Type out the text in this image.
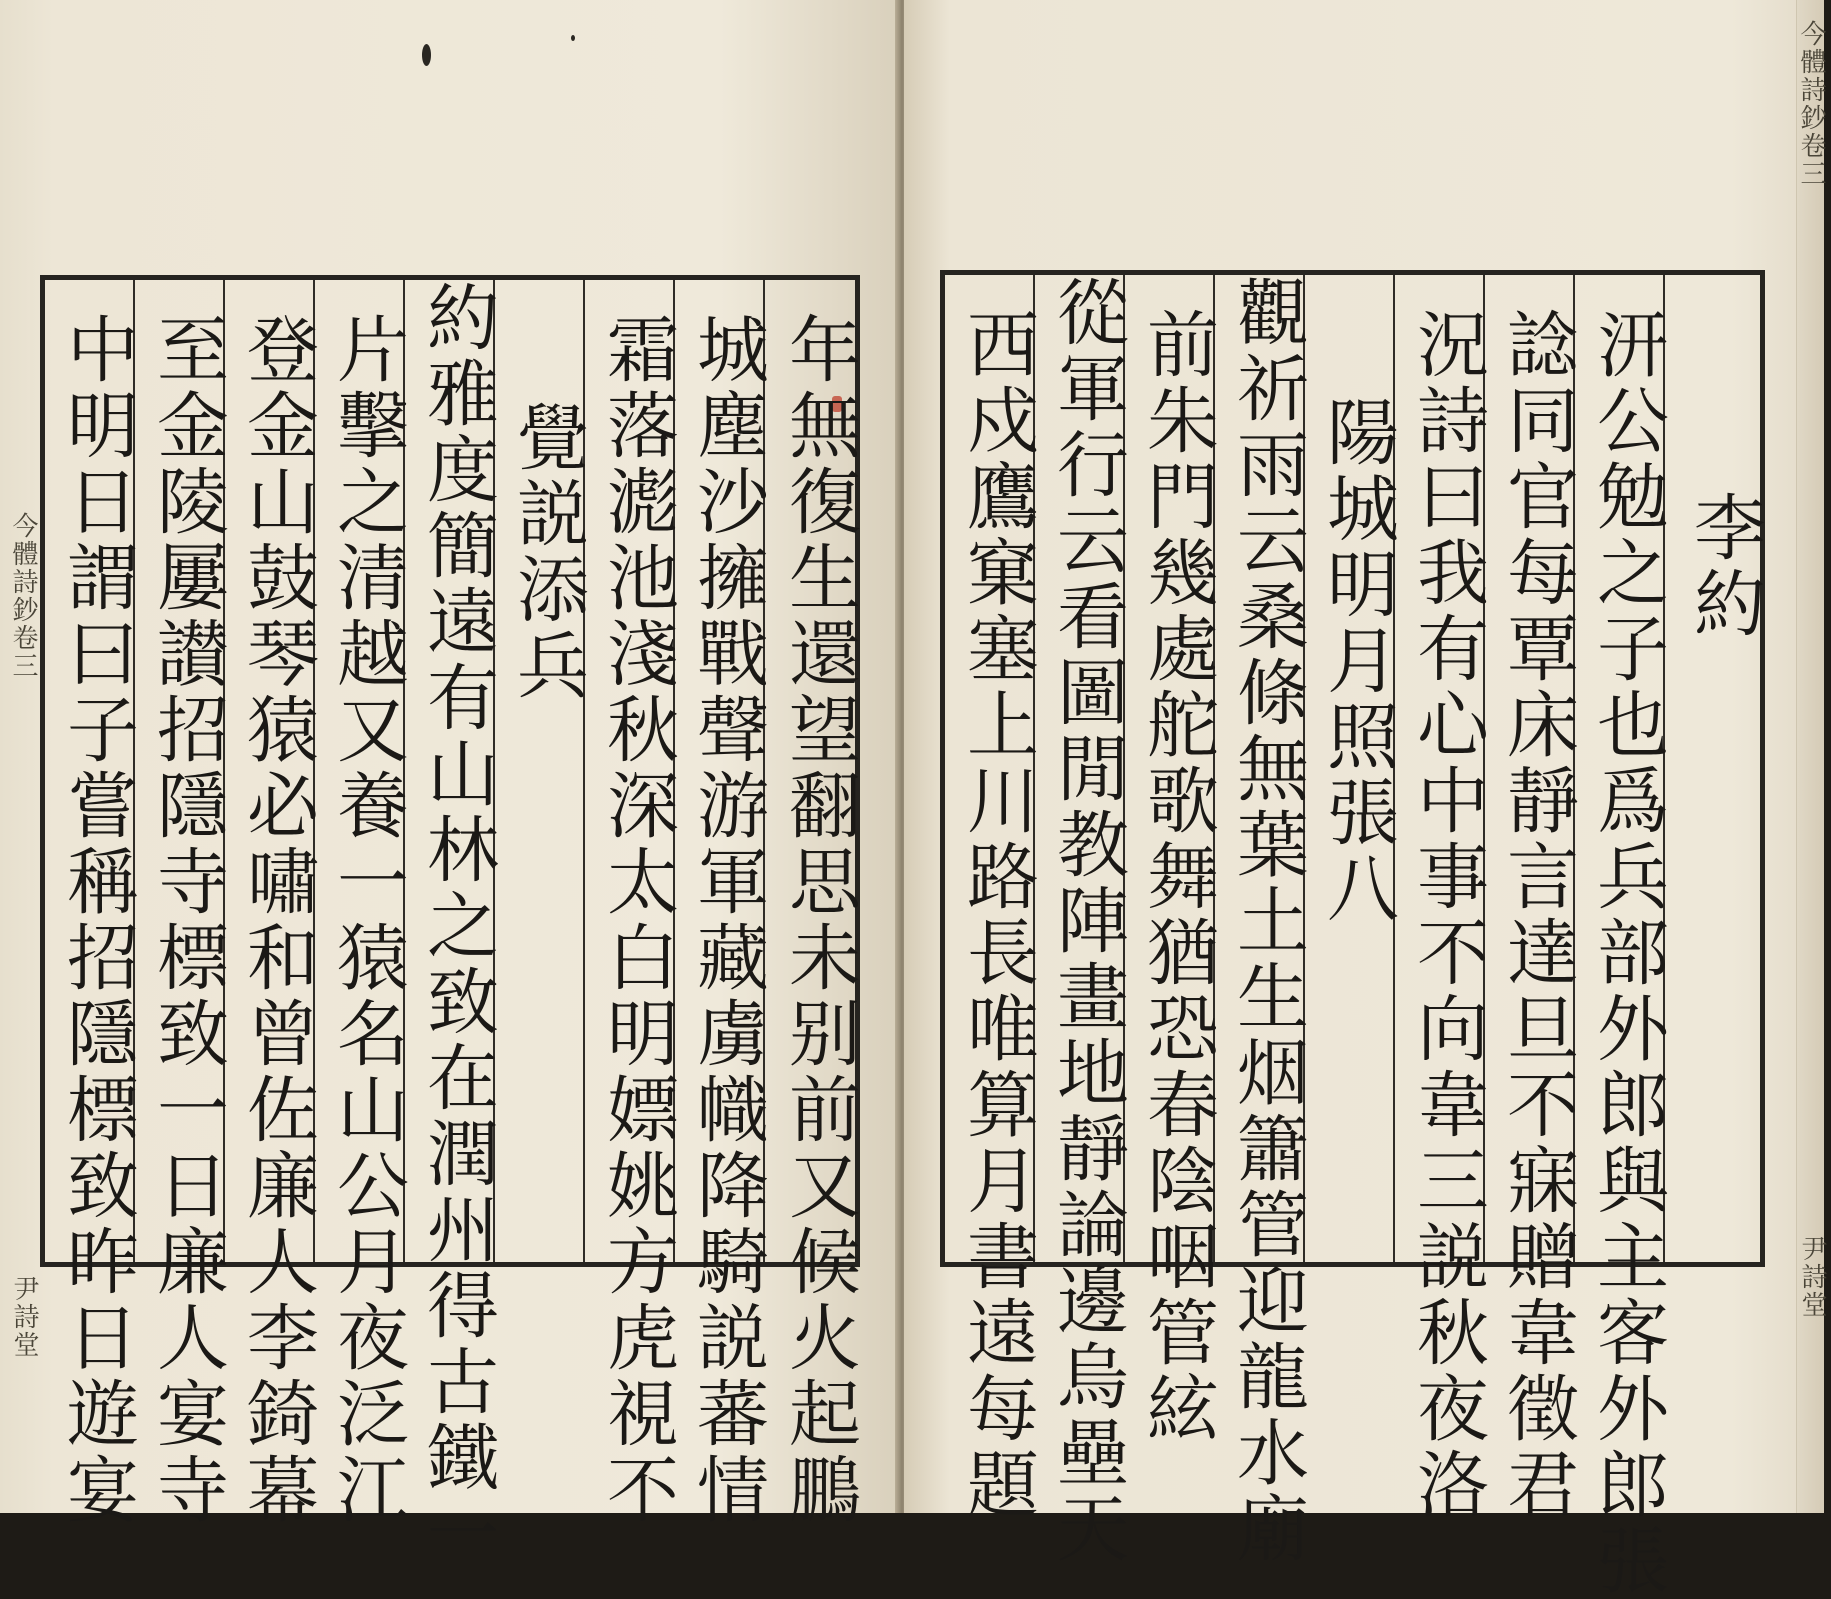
今體詩鈔卷三
尹詩堂 中明日謂曰子嘗稱招隱標致昨日遊宴 至金陵屢讃招隱寺標致一日廉人宴寺 登金山鼓琴猿必嘯和曾佐廉人李錡幕 片擊之清越又養一猿名山公月夜泛江 約雅度簡遠有山林之致在潤州得古鐵一 覺説添兵 霜落滮池淺秋深太白明嫖姚方虎視不 城塵沙擁戰聲游軍藏虜幟降騎説蕃情 年無復生還望翻思未别前又候火起鵬 西戍鷹窠塞上川路長唯算月書遠每題 從軍行云看圖閒教陣畫地靜論邊烏壘天 前朱門幾處舵歌舞猶恐春陰咽管絃 觀祈雨云桑條無葉土生烟簫管迎龍水廟 陽城明月照張八 況詩曰我有心中事不向韋三説秋夜洛 諗同官每覃床靜言達旦不寐贈韋徵君 汧公勉之子也爲兵部外郎與主客外郎張 李約
今體詩鈔卷三
尹詩堂
